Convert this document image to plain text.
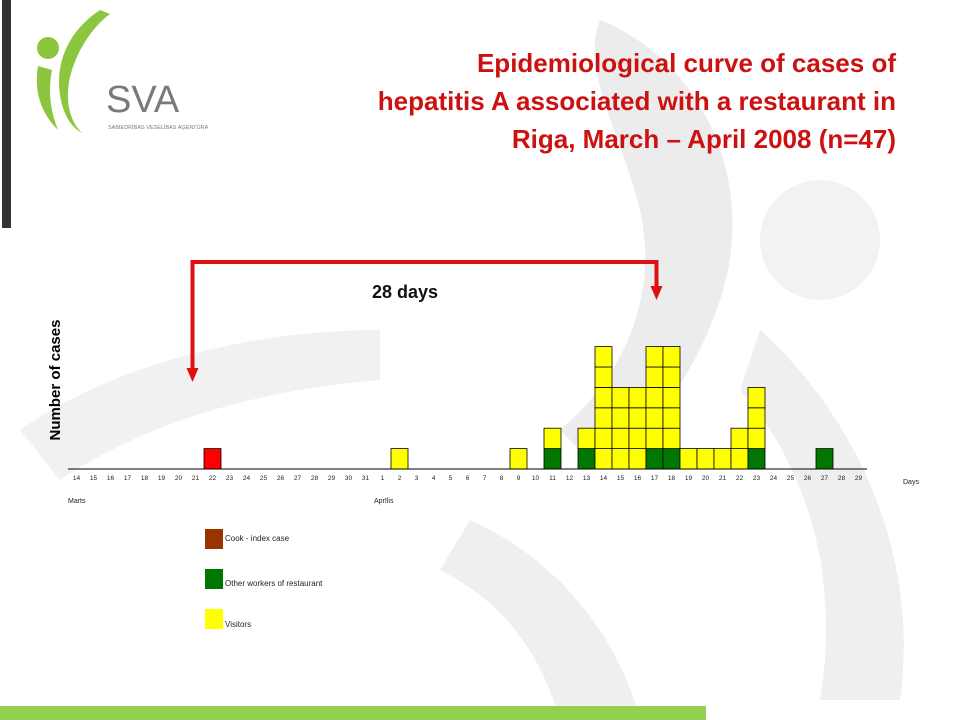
SVA
SABIEDRĪBAS VESELĪBAS AĢENTŪRA
Epidemiological curve of cases of
hepatitis A associated with a restaurant in
Riga, March – April 2008 (n=47)
14 15 16 17 18 19 20 21 22 23 24 25 26 27 28 29 30 31 1 2 3 4 5 6 7 8 9 10 11 12 13 14 15 16 17 18 19 20 21 22 23 24 25 26 27 28 29
Marts	Aprīlis
Days
Number of cases
28 days
Cook - index case
Other workers of restaurant
Visitors
